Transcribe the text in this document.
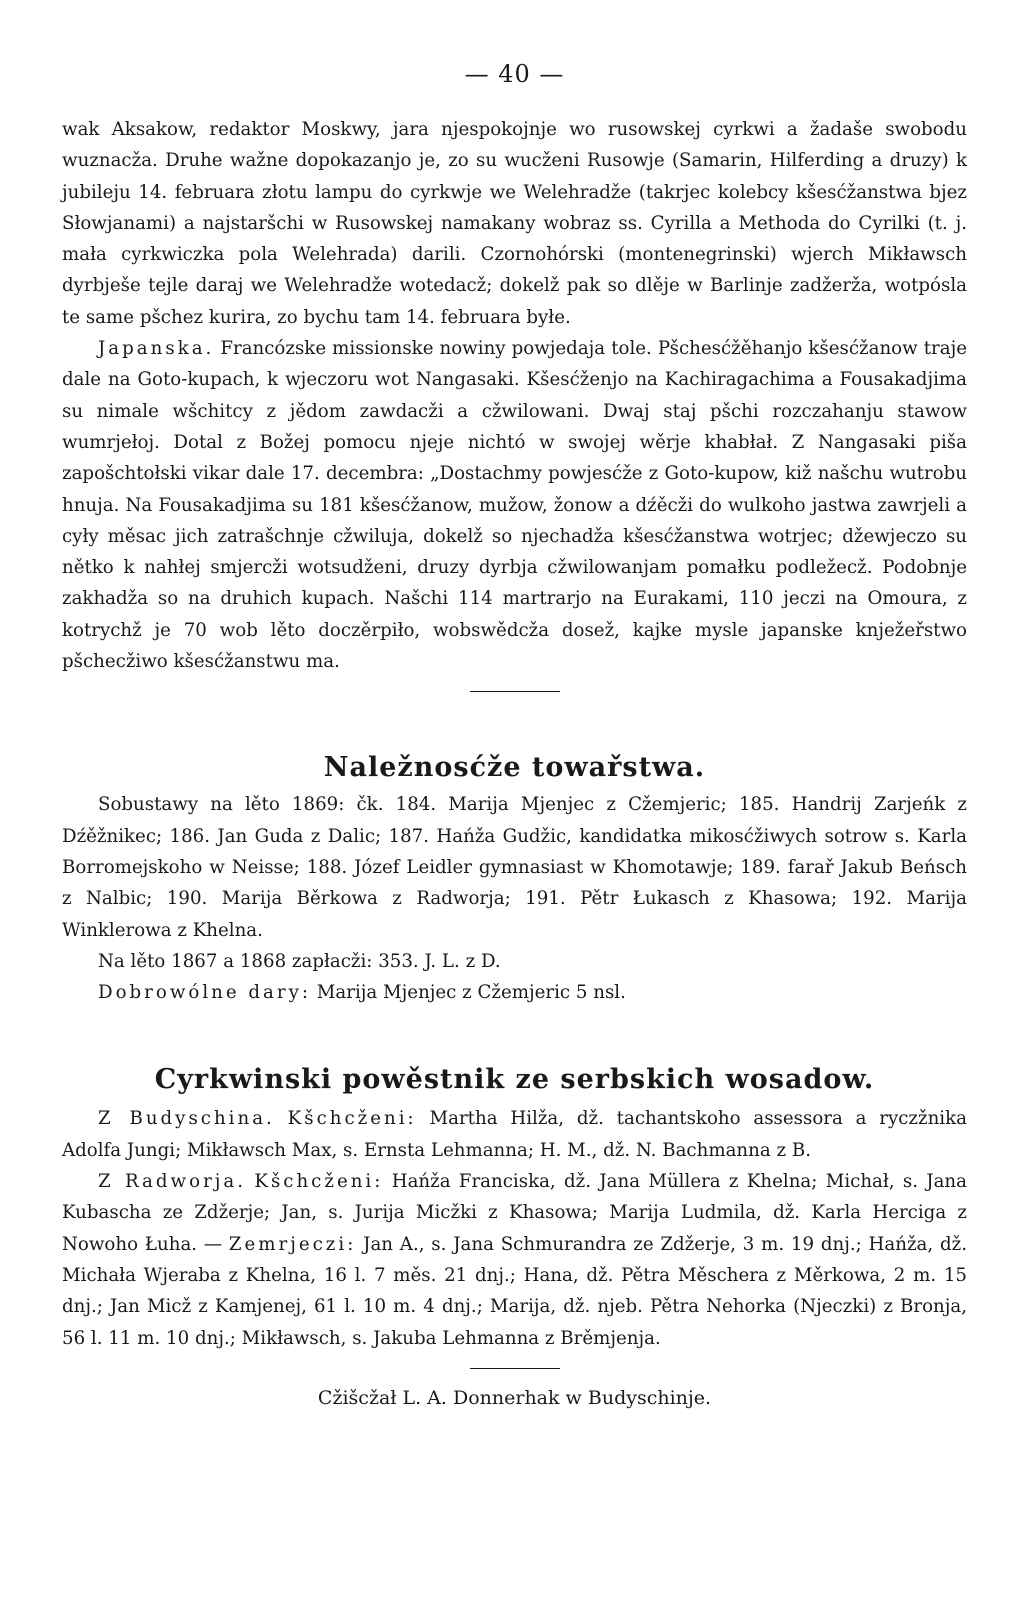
— 40 —

wak Aksakow, redaktor Moskwy, jara njespokojnje wo rusowskej cyrkwi a žadaše swobodu wuznacža. Druhe wažne dopokazanjo je, zo su wucženi Rusowje (Samarin, Hilferding a druzy) k jubileju 14. februara złotu lampu do cyrkwje we Welehradže (takrjec kolebcy kšesćžanstwa bjez Słowjanami) a najstaršchi w Rusowskej namakany wobraz ss. Cyrilla a Methoda do Cyrilki (t. j. mała cyrkwiczka pola Welehrada) darili. Czornohórski (montenegrinski) wjerch Mikławsch dyrbješe tejle daraj we Welehradže wotedacž; dokelž pak so dlěje w Barlinje zadžerža, wotpósla te same pšchez kurira, zo bychu tam 14. februara byłe.

Japanska. Francózske missionske nowiny powjedaja tole. Pšchesćžěhanjo kšesćžanow traje dale na Goto-kupach, k wjeczoru wot Nangasaki. Kšesćženjo na Kachiragachima a Fousakadjima su nimale wšchitcy z jědom zawdacži a cžwilowani. Dwaj staj pšchi rozczahanju stawow wumrjełoj. Dotal z Božej pomocu njeje nichtó w swojej wěrje khabłał. Z Nangasaki piša zapošchtołski vikar dale 17. decembra: „Dostachmy powjesćže z Goto-kupow, kiž našchu wutrobu hnuja. Na Fousakadjima su 181 kšesćžanow, mužow, žonow a dźěcži do wulkoho jastwa zawrjeli a cyły měsac jich zatrašchnje cžwiluja, dokelž so njechadža kšesćžanstwa wotrjec; džewjeczo su nětko k nahłej smjercži wotsudženi, druzy dyrbja cžwilowanjam pomałku podležecž. Podobnje zakhadža so na druhich kupach. Našchi 114 martrarjo na Eurakami, 110 jeczi na Omoura, z kotrychž je 70 wob lěto doczěrpiło, wobswědcža dosež, kajke mysle japanske knježeřstwo pšchecžiwo kšesćžanstwu ma.

Naležnosćže towařstwa.

Sobustawy na lěto 1869: čk. 184. Marija Mjenjec z Cžemjeric; 185. Handrij Zarjeńk z Dźěžnikec; 186. Jan Guda z Dalic; 187. Hańža Gudžic, kandidatka mikosćžiwych sotrow s. Karla Borromejskoho w Neisse; 188. Józef Leidler gymnasiast w Khomotawje; 189. farař Jakub Beńsch z Nalbic; 190. Marija Běrkowa z Radworja; 191. Pětr Łukasch z Khasowa; 192. Marija Winklerowa z Khelna.

Na lěto 1867 a 1868 zapłacži: 353. J. L. z D.

Dobrowólne dary: Marija Mjenjec z Cžemjeric 5 nsl.

Cyrkwinski powěstnik ze serbskich wosadow.

Z Budyschina. Kšchcženi: Martha Hilža, dž. tachantskoho assessora a ryczžnika Adolfa Jungi; Mikławsch Max, s. Ernsta Lehmanna; H. M., dž. N. Bachmanna z B.

Z Radworja. Kšchcženi: Hańža Franciska, dž. Jana Müllera z Khelna; Michał, s. Jana Kubascha ze Zdžerje; Jan, s. Jurija Micžki z Khasowa; Marija Ludmila, dž. Karla Herciga z Nowoho Łuha. — Zemrjeczi: Jan A., s. Jana Schmurandra ze Zdžerje, 3 m. 19 dnj.; Hańža, dž. Michała Wjeraba z Khelna, 16 l. 7 měs. 21 dnj.; Hana, dž. Pětra Měschera z Měrkowa, 2 m. 15 dnj.; Jan Micž z Kamjenej, 61 l. 10 m. 4 dnj.; Marija, dž. njeb. Pětra Nehorka (Njeczki) z Bronja, 56 l. 11 m. 10 dnj.; Mikławsch, s. Jakuba Lehmanna z Brěmjenja.

Cžišcžał L. A. Donnerhak w Budyschinje.
